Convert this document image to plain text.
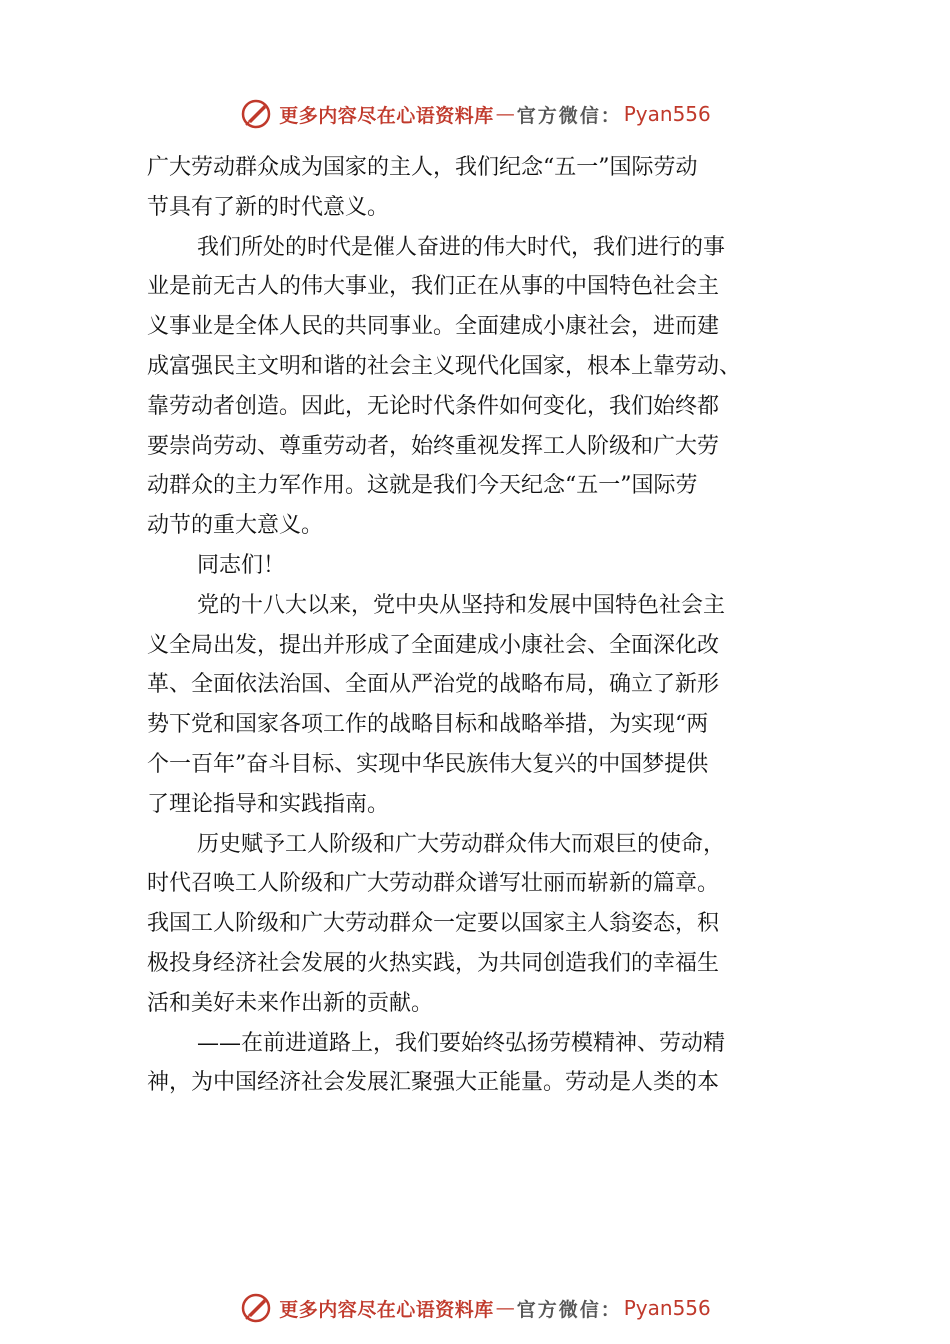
更多内容尽在心语资料库 — 官方微信： Pyan556
广大劳动群众成为国家的主人，我们纪念“五一”国际劳动
节具有了新的时代意义。
我们所处的时代是催人奋进的伟大时代，我们进行的事
业是前无古人的伟大事业，我们正在从事的中国特色社会主
义事业是全体人民的共同事业。全面建成小康社会，进而建
成富强民主文明和谐的社会主义现代化国家，根本上靠劳动、
靠劳动者创造。因此，无论时代条件如何变化，我们始终都
要崇尚劳动、尊重劳动者，始终重视发挥工人阶级和广大劳
动群众的主力军作用。这就是我们今天纪念“五一”国际劳
动节的重大意义。
同志们！
党的十八大以来，党中央从坚持和发展中国特色社会主
义全局出发，提出并形成了全面建成小康社会、全面深化改
革、全面依法治国、全面从严治党的战略布局，确立了新形
势下党和国家各项工作的战略目标和战略举措，为实现“两
个一百年”奋斗目标、实现中华民族伟大复兴的中国梦提供
了理论指导和实践指南。
历史赋予工人阶级和广大劳动群众伟大而艰巨的使命，
时代召唤工人阶级和广大劳动群众谱写壮丽而崭新的篇章。
我国工人阶级和广大劳动群众一定要以国家主人翁姿态，积
极投身经济社会发展的火热实践，为共同创造我们的幸福生
活和美好未来作出新的贡献。
——在前进道路上，我们要始终弘扬劳模精神、劳动精
神，为中国经济社会发展汇聚强大正能量。劳动是人类的本
更多内容尽在心语资料库 — 官方微信： Pyan556
